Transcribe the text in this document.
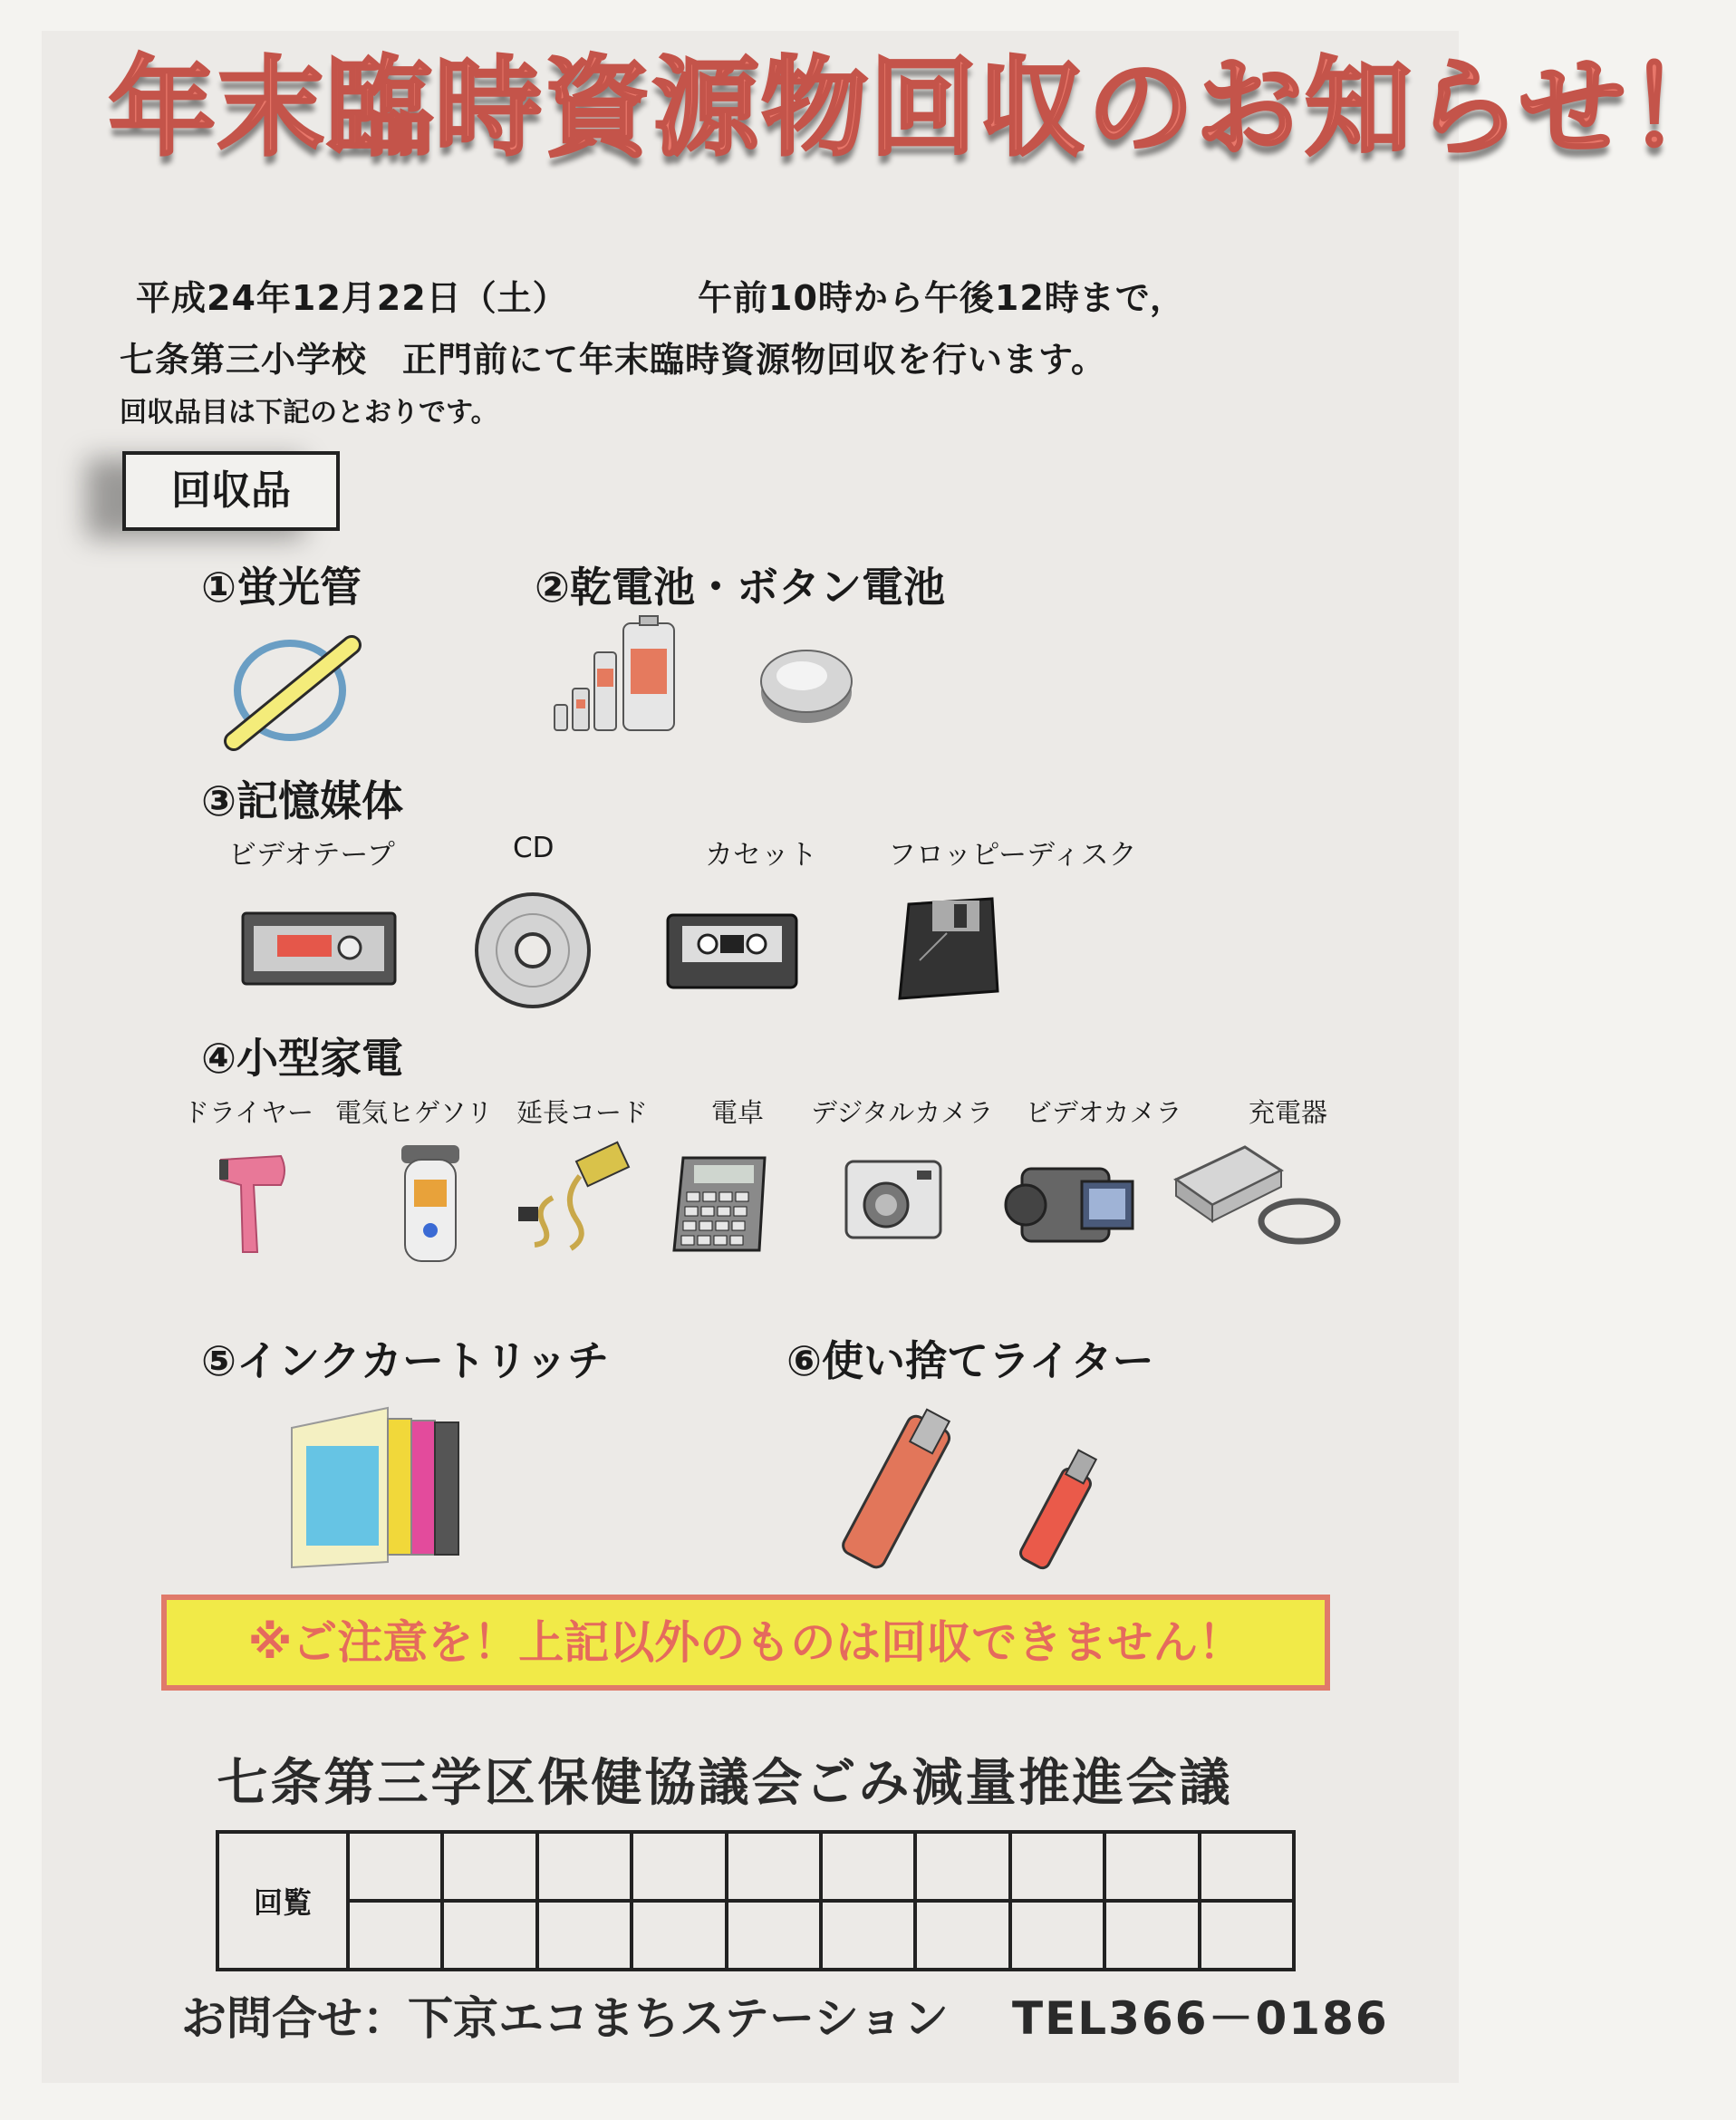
年末臨時資源物回収のお知らせ！
平成24年12月22日（土）	午前10時から午後12時まで，
七条第三小学校　正門前にて年末臨時資源物回収を行います。
回収品目は下記のとおりです。
回収品
①蛍光管	②乾電池・ボタン電池
③記憶媒体
ビデオテープ	CD	カセット	フロッピーディスク
④小型家電
ドライヤー 電気ヒゲソリ 延長コード 電卓 デジタルカメラ ビデオカメラ	充電器
⑤インクカートリッチ	⑥使い捨てライター
※ご注意を！上記以外のものは回収できません！
七条第三学区保健協議会ごみ減量推進会議
回覧										

お問合せ：下京エコまちステーション TEL366－0186
